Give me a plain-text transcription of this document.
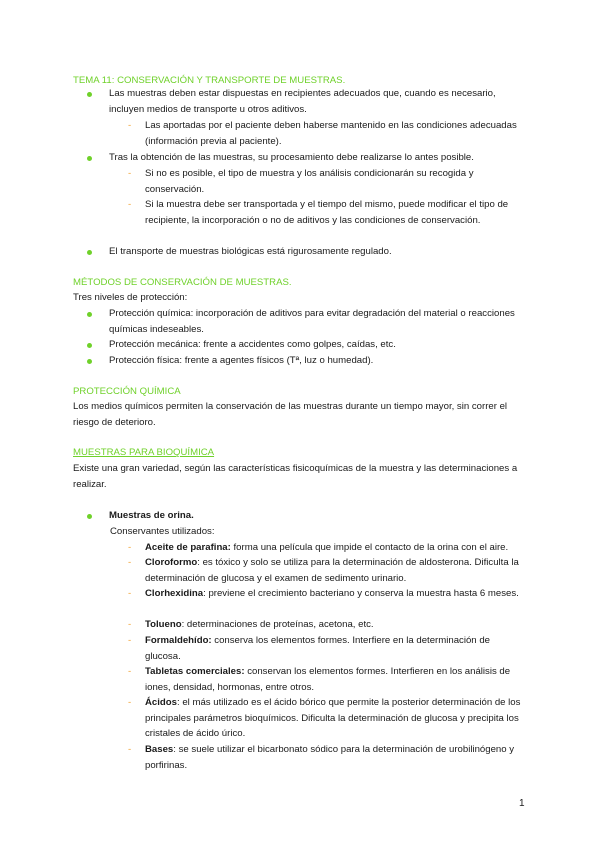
TEMA 11: CONSERVACIÓN Y TRANSPORTE DE MUESTRAS.
Las muestras deben estar dispuestas en recipientes adecuados que, cuando es necesario, incluyen medios de transporte u otros aditivos.
- Las aportadas por el paciente deben haberse mantenido en las condiciones adecuadas (información previa al paciente).
Tras la obtención de las muestras, su procesamiento debe realizarse lo antes posible.
- Si no es posible, el tipo de muestra y los análisis condicionarán su recogida y conservación.
- Si la muestra debe ser transportada y el tiempo del mismo, puede modificar el tipo de recipiente, la incorporación o no de aditivos y las condiciones de conservación.
El transporte de muestras biológicas está rigurosamente regulado.
MÉTODOS DE CONSERVACIÓN DE MUESTRAS.
Tres niveles de protección:
Protección química: incorporación de aditivos para evitar degradación del material o reacciones químicas indeseables.
Protección mecánica: frente a accidentes como golpes, caídas, etc.
Protección física: frente a agentes físicos (Tª, luz o humedad).
PROTECCIÓN QUÍMICA
Los medios químicos permiten la conservación de las muestras durante un tiempo mayor, sin correr el riesgo de deterioro.
MUESTRAS PARA BIOQUÍMICA
Existe una gran variedad, según las características fisicoquímicas de la muestra y las determinaciones a realizar.
Muestras de orina.
Conservantes utilizados:
- Aceite de parafina: forma una película que impide el contacto de la orina con el aire.
- Cloroformo: es tóxico y solo se utiliza para la determinación de aldosterona. Dificulta la determinación de glucosa y el examen de sedimento urinario.
- Clorhexidina: previene el crecimiento bacteriano y conserva la muestra hasta 6 meses.
- Tolueno: determinaciones de proteínas, acetona, etc.
- Formaldehído: conserva los elementos formes. Interfiere en la determinación de glucosa.
- Tabletas comerciales: conservan los elementos formes. Interfieren en los análisis de iones, densidad, hormonas, entre otros.
- Ácidos: el más utilizado es el ácido bórico que permite la posterior determinación de los principales parámetros bioquímicos. Dificulta la determinación de glucosa y precipita los cristales de ácido úrico.
- Bases: se suele utilizar el bicarbonato sódico para la determinación de urobilinógeno y porfirinas.
1
